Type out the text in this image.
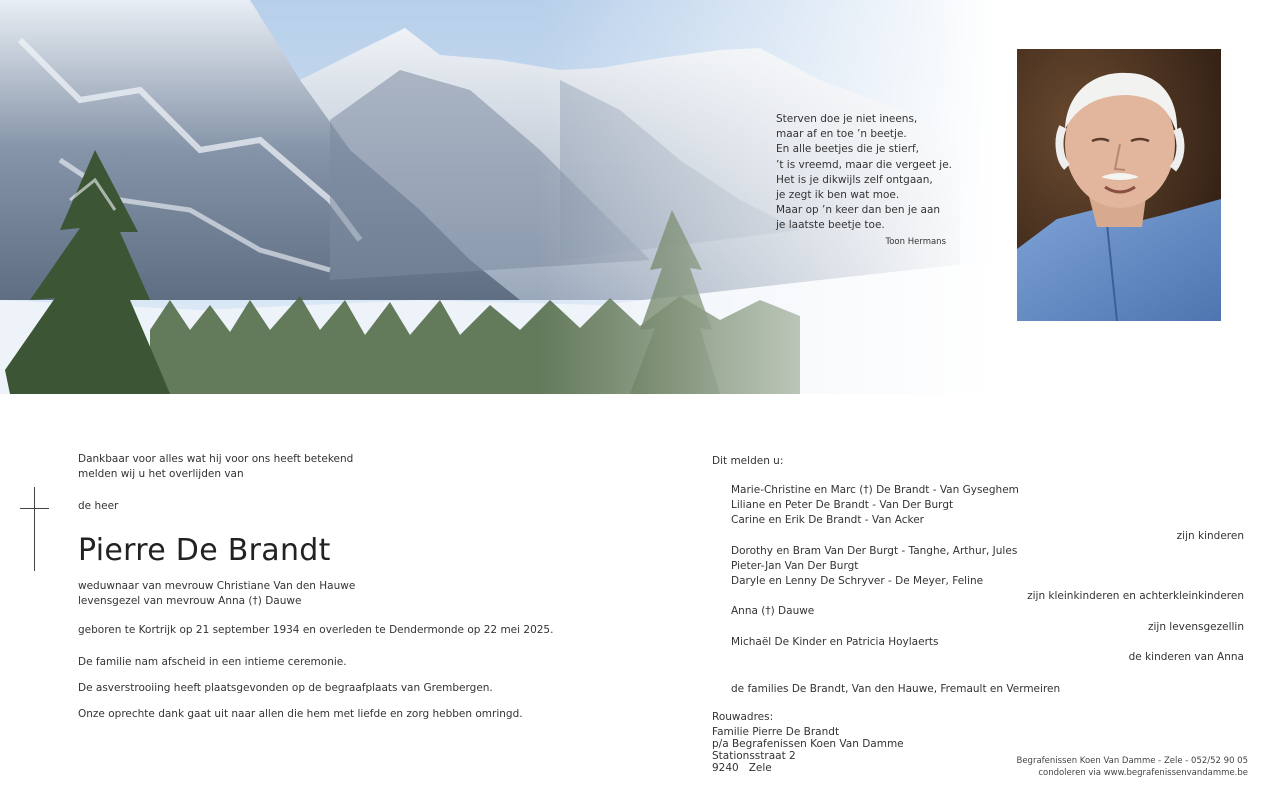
Sterven doe je niet ineens,
maar af en toe ’n beetje.
En alle beetjes die je stierf,
’t is vreemd, maar die vergeet je.
Het is je dikwijls zelf ontgaan,
je zegt ik ben wat moe.
Maar op ’n keer dan ben je aan
je laatste beetje toe.
Toon Hermans
Dankbaar voor alles wat hij voor ons heeft betekend
melden wij u het overlijden van
de heer
weduwnaar van mevrouw Christiane Van den Hauwe
levensgezel van mevrouw Anna (†) Dauwe
geboren te Kortrijk op 21 september 1934 en overleden te Dendermonde op 22 mei 2025.
De familie nam afscheid in een intieme ceremonie.
De asverstrooiing heeft plaatsgevonden op de begraafplaats van Grembergen.
Onze oprechte dank gaat uit naar allen die hem met liefde en zorg hebben omringd.
Pierre De Brandt
Dit melden u:
Marie-Christine en Marc (†) De Brandt - Van Gyseghem
Liliane en Peter De Brandt - Van Der Burgt
Carine en Erik De Brandt - Van Acker
zijn kinderen
Dorothy en Bram Van Der Burgt - Tanghe, Arthur, Jules
Pieter-Jan Van Der Burgt
Daryle en Lenny De Schryver - De Meyer, Feline
zijn kleinkinderen en achterkleinkinderen
Anna (†) Dauwe
zijn levensgezellin
Michaël De Kinder en Patricia Hoylaerts
de kinderen van Anna
de families De Brandt, Van den Hauwe, Fremault en Vermeiren
Rouwadres:
Familie Pierre De Brandt
p/a Begrafenissen Koen Van Damme
Stationsstraat 2
9240   Zele
Begrafenissen Koen Van Damme - Zele - 052/52 90 05
condoleren via www.begrafenissenvandamme.be
